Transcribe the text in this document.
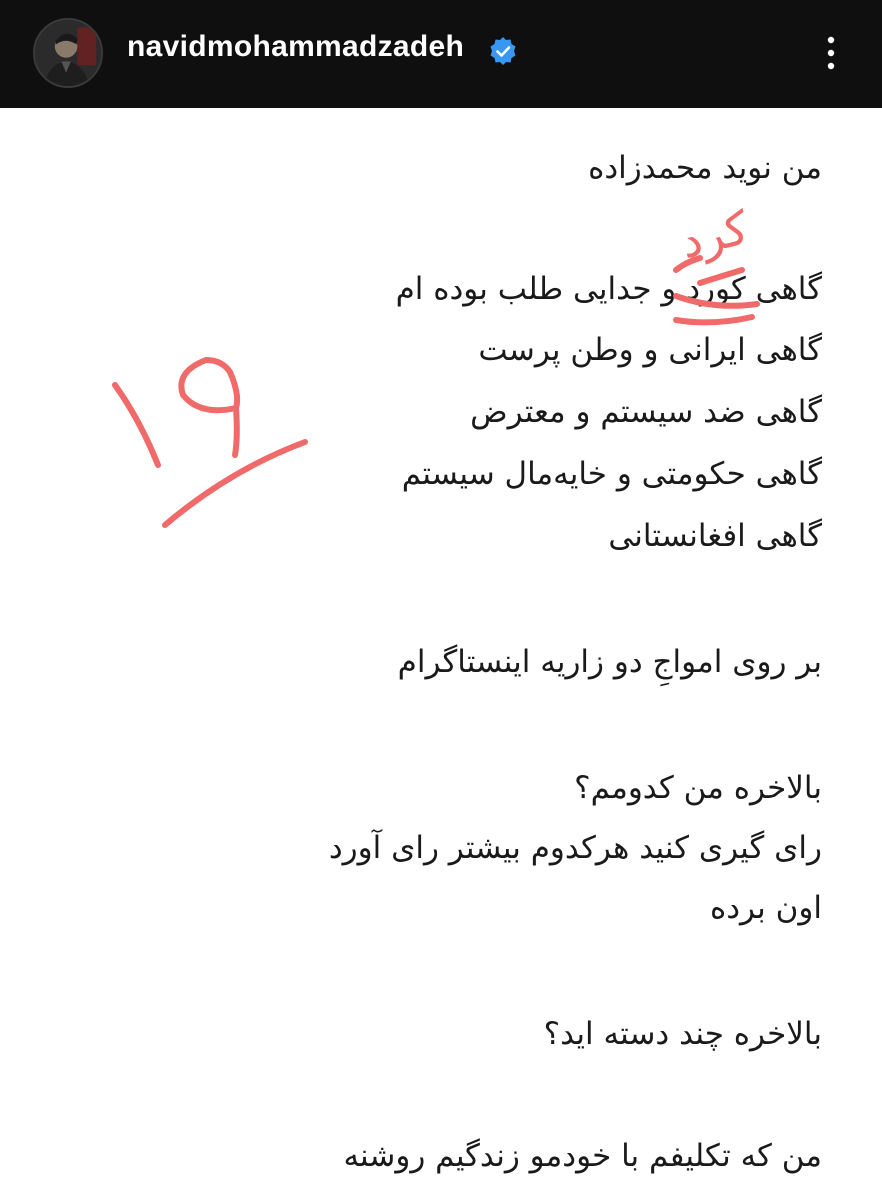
navidmohammadzadeh
من نوید محمدزاده
گاهی کورد و جدایی طلب بوده ام
گاهی ایرانی و وطن پرست
گاهی ضد سیستم و معترض
گاهی حکومتی و خایه‌مال سیستم
گاهی افغانستانی
بر روی امواجِ دو زاریه اینستاگرام
بالاخره من کدومم؟
رای گیری کنید هرکدوم بیشتر رای آورد
اون برده
بالاخره چند دسته اید؟
من که تکلیفم با خودمو زندگیم روشنه
کرد
